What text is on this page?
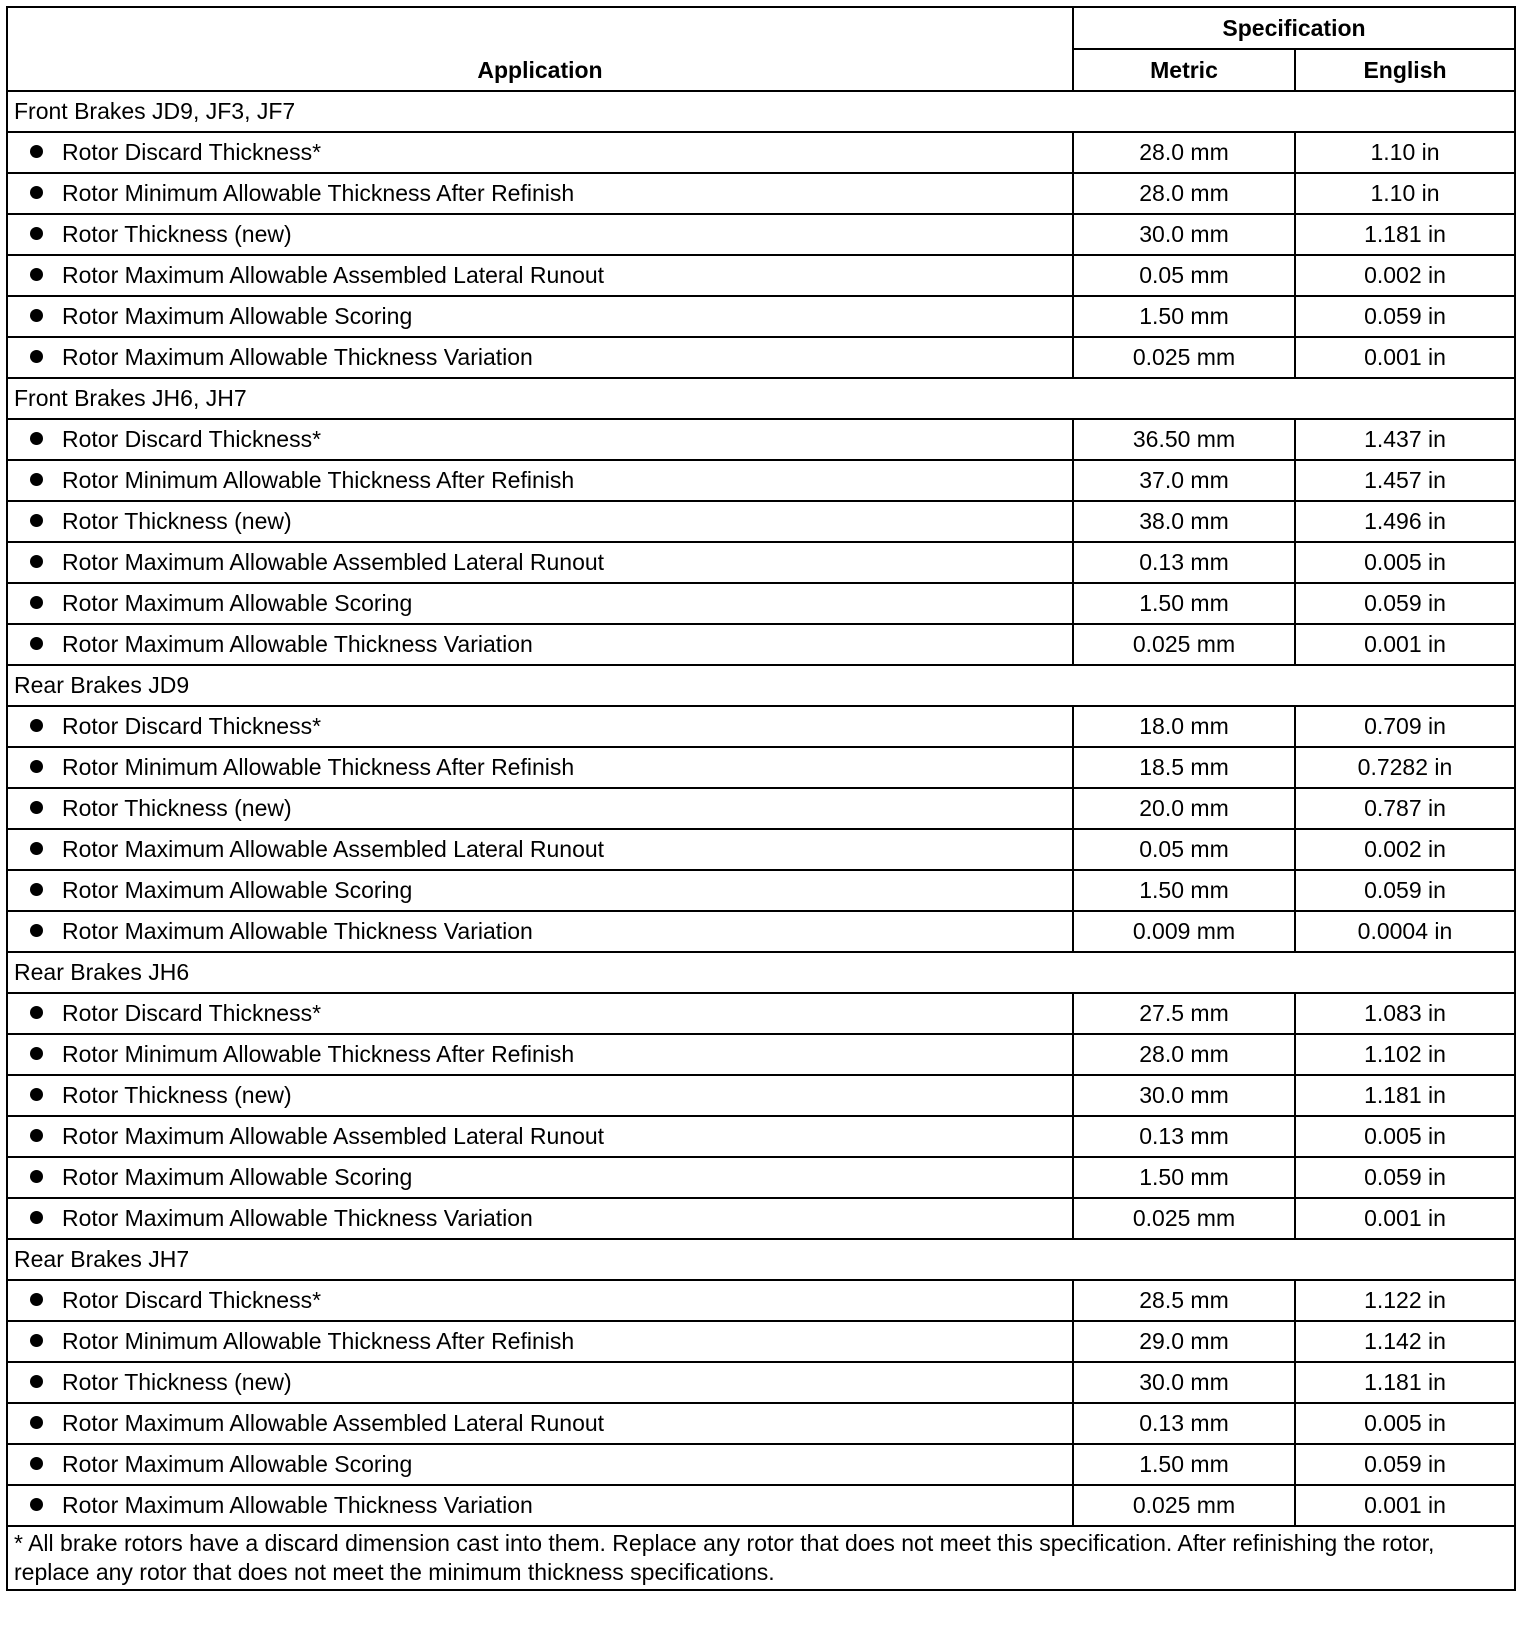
Application	Specification	
	Metric	English
Front Brakes JD9, JF3, JF7		
Rotor Discard Thickness*	28.0 mm	1.10 in
Rotor Minimum Allowable Thickness After Refinish	28.0 mm	1.10 in
Rotor Thickness (new)	30.0 mm	1.181 in
Rotor Maximum Allowable Assembled Lateral Runout	0.05 mm	0.002 in
Rotor Maximum Allowable Scoring	1.50 mm	0.059 in
Rotor Maximum Allowable Thickness Variation	0.025 mm	0.001 in
Front Brakes JH6, JH7		
Rotor Discard Thickness*	36.50 mm	1.437 in
Rotor Minimum Allowable Thickness After Refinish	37.0 mm	1.457 in
Rotor Thickness (new)	38.0 mm	1.496 in
Rotor Maximum Allowable Assembled Lateral Runout	0.13 mm	0.005 in
Rotor Maximum Allowable Scoring	1.50 mm	0.059 in
Rotor Maximum Allowable Thickness Variation	0.025 mm	0.001 in
Rear Brakes JD9		
Rotor Discard Thickness*	18.0 mm	0.709 in
Rotor Minimum Allowable Thickness After Refinish	18.5 mm	0.7282 in
Rotor Thickness (new)	20.0 mm	0.787 in
Rotor Maximum Allowable Assembled Lateral Runout	0.05 mm	0.002 in
Rotor Maximum Allowable Scoring	1.50 mm	0.059 in
Rotor Maximum Allowable Thickness Variation	0.009 mm	0.0004 in
Rear Brakes JH6		
Rotor Discard Thickness*	27.5 mm	1.083 in
Rotor Minimum Allowable Thickness After Refinish	28.0 mm	1.102 in
Rotor Thickness (new)	30.0 mm	1.181 in
Rotor Maximum Allowable Assembled Lateral Runout	0.13 mm	0.005 in
Rotor Maximum Allowable Scoring	1.50 mm	0.059 in
Rotor Maximum Allowable Thickness Variation	0.025 mm	0.001 in
Rear Brakes JH7		
Rotor Discard Thickness*	28.5 mm	1.122 in
Rotor Minimum Allowable Thickness After Refinish	29.0 mm	1.142 in
Rotor Thickness (new)	30.0 mm	1.181 in
Rotor Maximum Allowable Assembled Lateral Runout	0.13 mm	0.005 in
Rotor Maximum Allowable Scoring	1.50 mm	0.059 in
Rotor Maximum Allowable Thickness Variation	0.025 mm	0.001 in
* All brake rotors have a discard dimension cast into them. Replace any rotor that does not meet this specification. After refinishing the rotor, replace any rotor that does not meet the minimum thickness specifications.		
